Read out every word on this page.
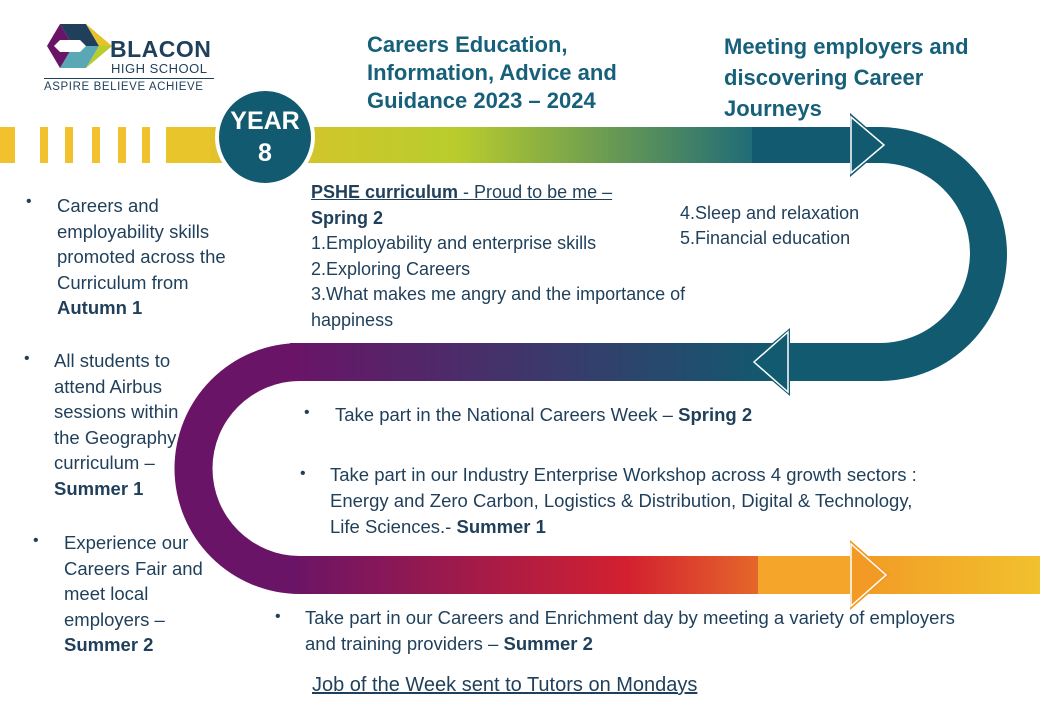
BLACON
HIGH SCHOOL
ASPIRE BELIEVE ACHIEVE
Careers Education, Information, Advice and Guidance 2023 – 2024
Meeting employers and discovering Career Journeys
YEAR
8
PSHE curriculum - Proud to be me –
Spring 2
1.Employability and enterprise skills
2.Exploring Careers
3.What makes me angry and the importance of happiness
4.Sleep and relaxation
5.Financial education
• Careers and employability skills promoted across the Curriculum from Autumn 1
• All students to attend Airbus sessions within the Geography curriculum – Summer 1
• Experience our Careers Fair and meet local employers – Summer 2
• Take part in the National Careers Week – Spring 2
• Take part in our Industry Enterprise Workshop across 4 growth sectors : Energy and Zero Carbon, Logistics & Distribution, Digital & Technology, Life Sciences.- Summer 1
• Take part in our Careers and Enrichment day by meeting a variety of employers and training providers – Summer 2
Job of the Week sent to Tutors on Mondays
